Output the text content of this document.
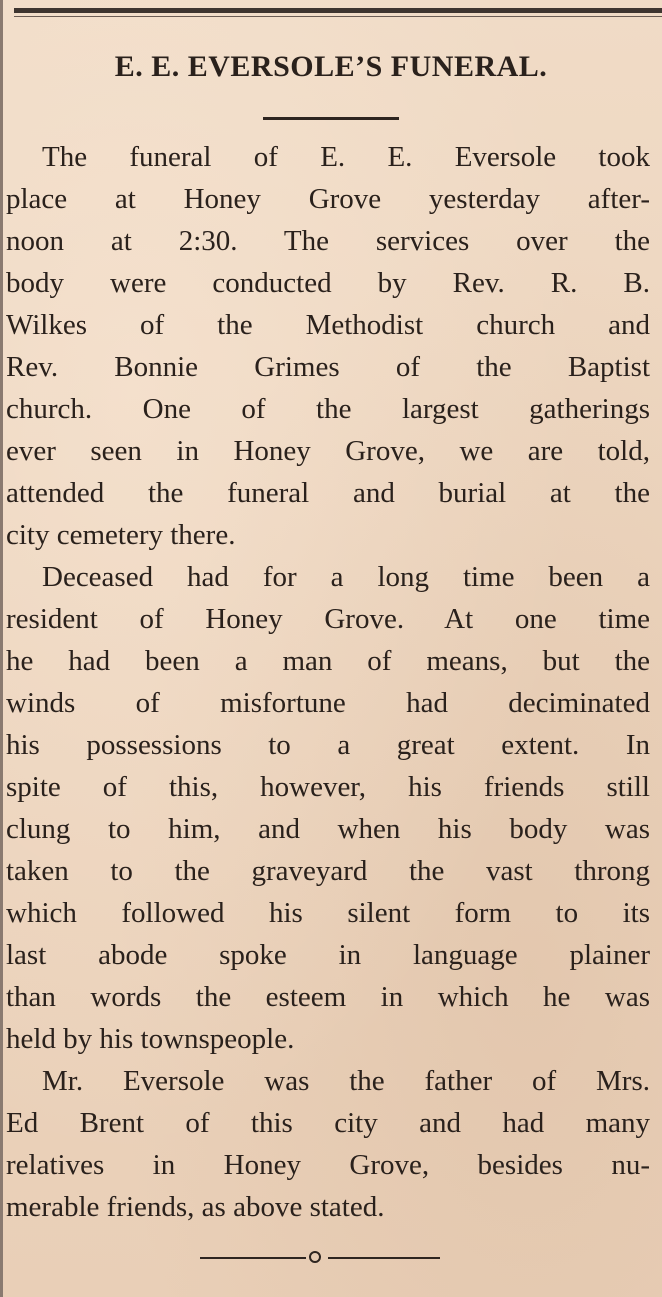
E. E. EVERSOLE’S FUNERAL.
The funeral of E. E. Eversole took
place at Honey Grove yesterday after-
noon at 2:30. The services over the
body were conducted by Rev. R. B.
Wilkes of the Methodist church and
Rev. Bonnie Grimes of the Baptist
church. One of the largest gatherings
ever seen in Honey Grove, we are told,
attended the funeral and burial at the
city cemetery there.
Deceased had for a long time been a
resident of Honey Grove. At one time
he had been a man of means, but the
winds of misfortune had deciminated
his possessions to a great extent. In
spite of this, however, his friends still
clung to him, and when his body was
taken to the graveyard the vast throng
which followed his silent form to its
last abode spoke in language plainer
than words the esteem in which he was
held by his townspeople.
Mr. Eversole was the father of Mrs.
Ed Brent of this city and had many
relatives in Honey Grove, besides nu-
merable friends, as above stated.
